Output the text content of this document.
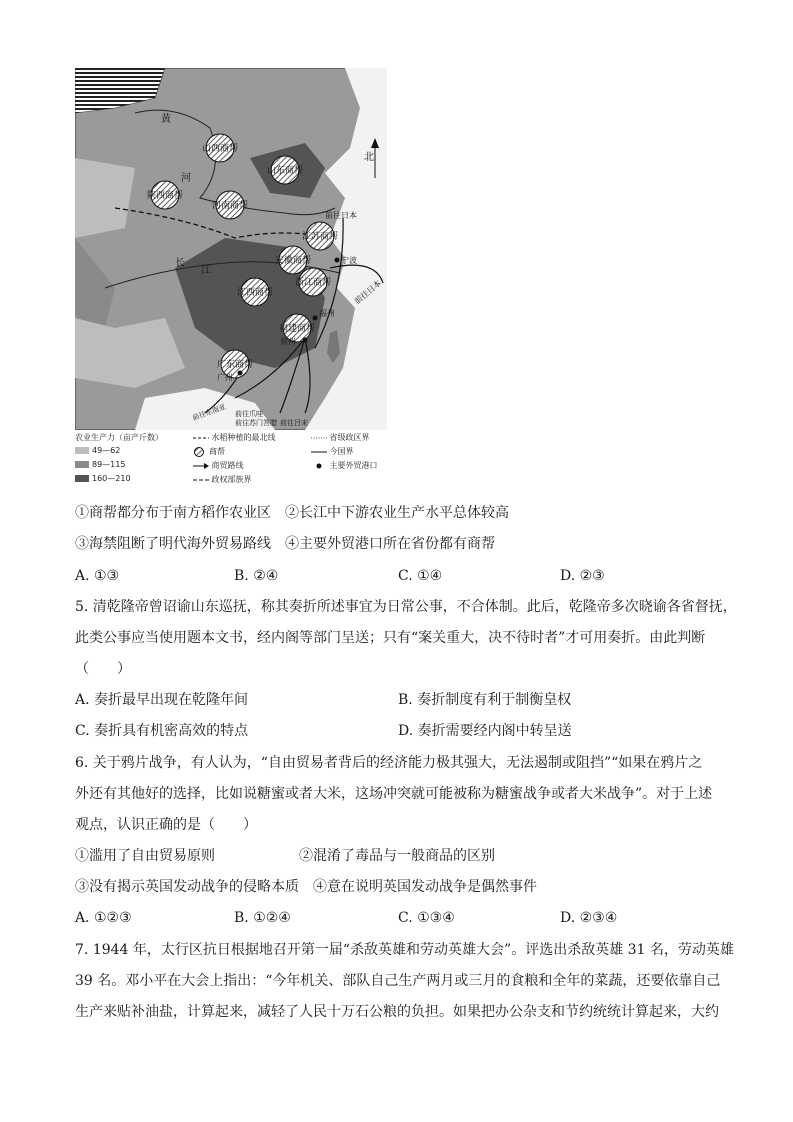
山西商帮
陕西商帮
山东商帮
河南商帮
江苏商帮
安徽商帮
浙江商帮
江西商帮
福建商帮
广东商帮
黄
河
长
江
宁波
福州
泉州
广州
前往日本
前往日本
前往东南亚 前往爪哇
前往苏门答腊 前往吕宋
北
农业生产力（亩产斤数）
49—62
89—115
160—210

水稻种植的最北线
商帮

商贸路线

政权部族界

省级政区界

今国界

主要外贸港口
①商帮都分布于南方稻作农业区　②长江中下游农业生产水平总体较高
③海禁阻断了明代海外贸易路线　④主要外贸港口所在省份都有商帮
A. ①③	B. ②④	C. ①④	D. ②③
5. 清乾隆帝曾诏谕山东巡抚，称其奏折所述事宜为日常公事，不合体制。此后，乾隆帝多次晓谕各省督抚，
此类公事应当使用题本文书，经内阁等部门呈送；只有“案关重大，决不待时者”才可用奏折。由此判断
（　　）
A. 奏折最早出现在乾隆年间	B. 奏折制度有利于制衡皇权
C. 奏折具有机密高效的特点	D. 奏折需要经内阁中转呈送
6. 关于鸦片战争，有人认为，“自由贸易者背后的经济能力极其强大，无法遏制或阻挡”“如果在鸦片之
外还有其他好的选择，比如说糖蜜或者大米，这场冲突就可能被称为糖蜜战争或者大米战争”。对于上述
观点，认识正确的是（　　）
①滥用了自由贸易原则　　　　　　②混淆了毒品与一般商品的区别
③没有揭示英国发动战争的侵略本质　④意在说明英国发动战争是偶然事件
A. ①②③	B. ①②④	C. ①③④	D. ②③④
7. 1944 年，太行区抗日根据地召开第一届“杀敌英雄和劳动英雄大会”。评选出杀敌英雄 31 名，劳动英雄
39 名。邓小平在大会上指出：“今年机关、部队自己生产两月或三月的食粮和全年的菜蔬，还要依靠自己
生产来贴补油盐，计算起来，减轻了人民十万石公粮的负担。如果把办公杂支和节约统统计算起来，大约
